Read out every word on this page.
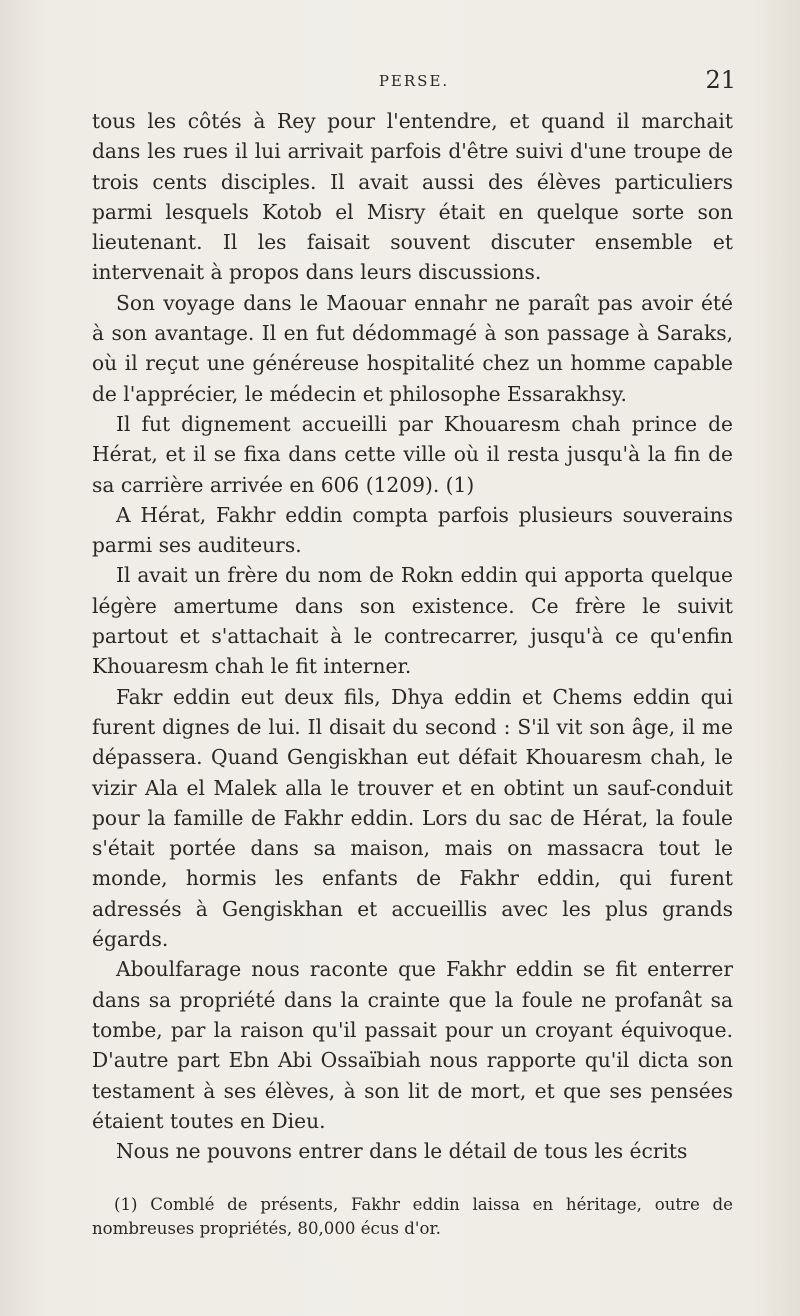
PERSE.	21

tous les côtés à Rey pour l'entendre, et quand il marchait dans les rues il lui arrivait parfois d'être suivi d'une troupe de trois cents disciples. Il avait aussi des élèves particuliers parmi lesquels Kotob el Misry était en quelque sorte son lieutenant. Il les faisait souvent discuter ensemble et intervenait à propos dans leurs discussions.

Son voyage dans le Maouar ennahr ne paraît pas avoir été à son avantage. Il en fut dédommagé à son passage à Saraks, où il reçut une généreuse hospitalité chez un homme capable de l'apprécier, le médecin et philosophe Essarakhsy.

Il fut dignement accueilli par Khouaresm chah prince de Hérat, et il se fixa dans cette ville où il resta jusqu'à la fin de sa carrière arrivée en 606 (1209). (1)

A Hérat, Fakhr eddin compta parfois plusieurs souverains parmi ses auditeurs.

Il avait un frère du nom de Rokn eddin qui apporta quelque légère amertume dans son existence. Ce frère le suivit partout et s'attachait à le contrecarrer, jusqu'à ce qu'enfin Khouaresm chah le fit interner.

Fakr eddin eut deux fils, Dhya eddin et Chems eddin qui furent dignes de lui. Il disait du second : S'il vit son âge, il me dépassera. Quand Gengiskhan eut défait Khouaresm chah, le vizir Ala el Malek alla le trouver et en obtint un sauf-conduit pour la famille de Fakhr eddin. Lors du sac de Hérat, la foule s'était portée dans sa maison, mais on massacra tout le monde, hormis les enfants de Fakhr eddin, qui furent adressés à Gengiskhan et accueillis avec les plus grands égards.

Aboulfarage nous raconte que Fakhr eddin se fit enterrer dans sa propriété dans la crainte que la foule ne profanât sa tombe, par la raison qu'il passait pour un croyant équivoque. D'autre part Ebn Abi Ossaïbiah nous rapporte qu'il dicta son testament à ses élèves, à son lit de mort, et que ses pensées étaient toutes en Dieu.

Nous ne pouvons entrer dans le détail de tous les écrits

(1) Comblé de présents, Fakhr eddin laissa en héritage, outre de nombreuses propriétés, 80,000 écus d'or.
